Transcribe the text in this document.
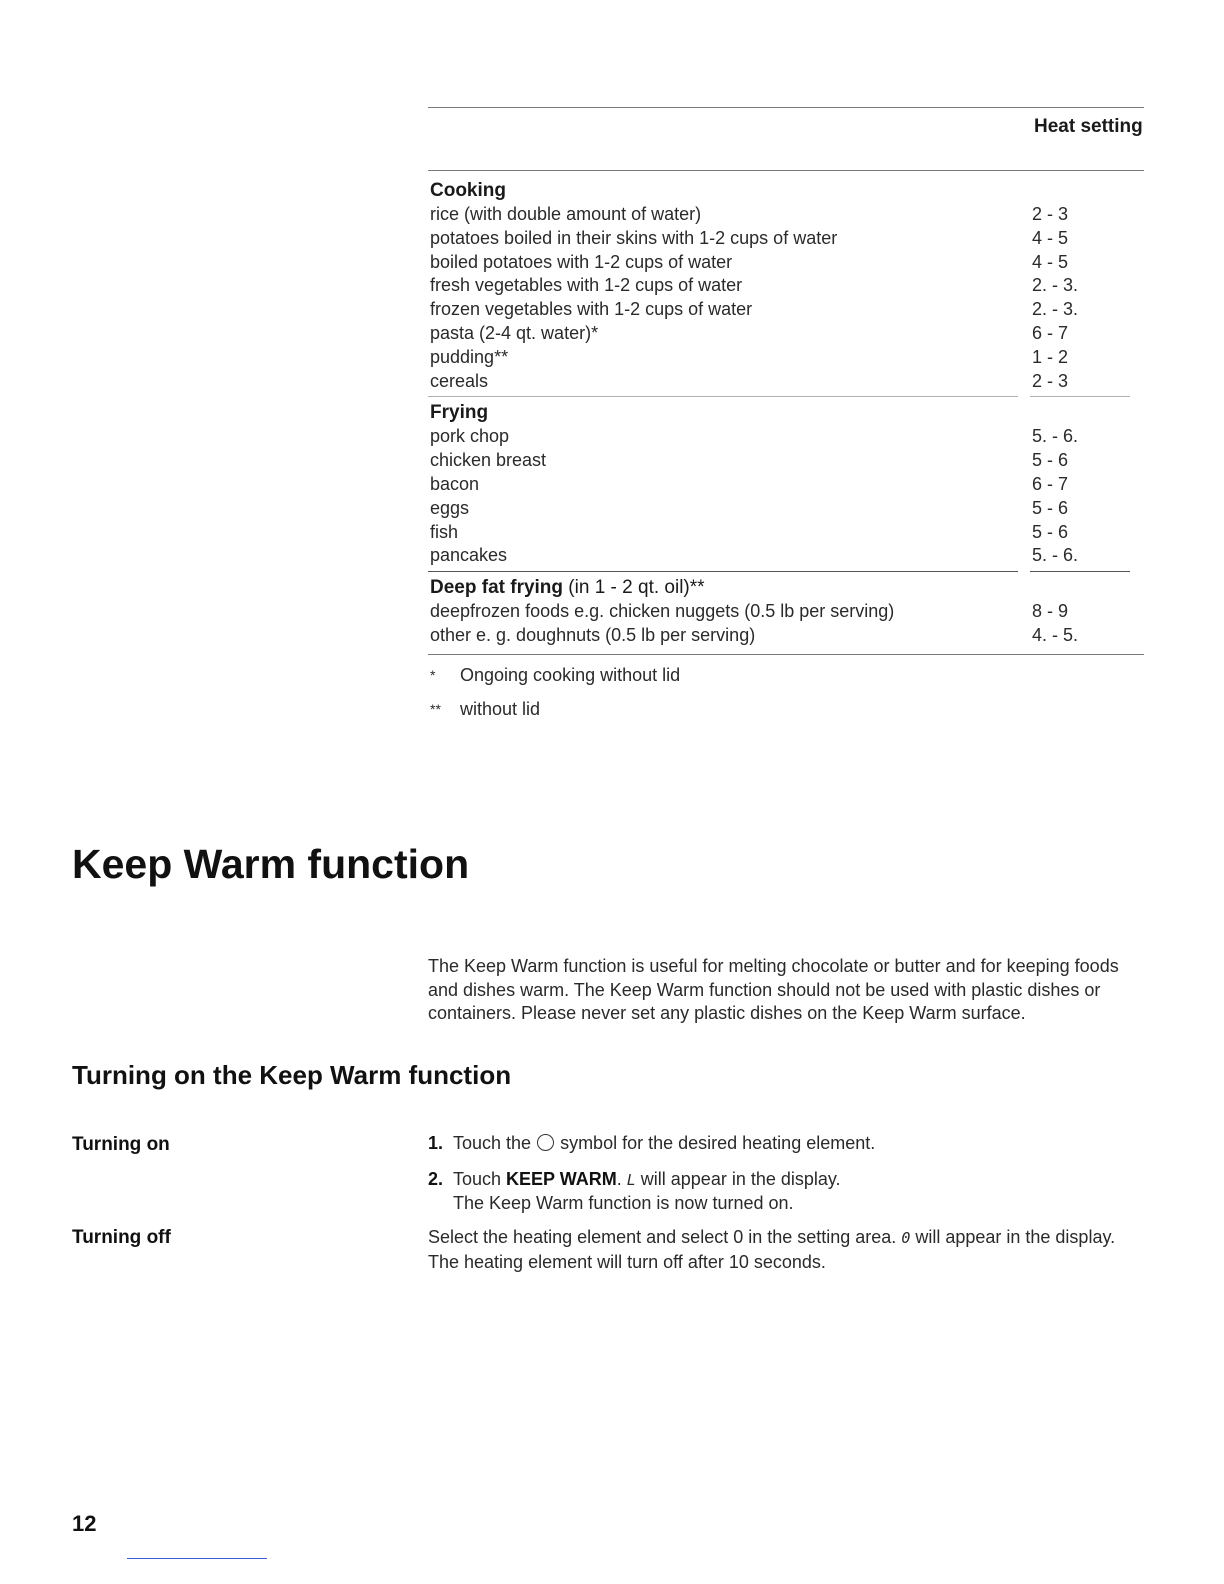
Heat setting
Cooking
rice (with double amount of water)	2 - 3
potatoes boiled in their skins with 1-2 cups of water	4 - 5
boiled potatoes with 1-2 cups of water	4 - 5
fresh vegetables with 1-2 cups of water	2. - 3.
frozen vegetables with 1-2 cups of water	2. - 3.
pasta (2-4 qt. water)*	6 - 7
pudding**	1 - 2
cereals	2 - 3
Frying
pork chop	5. - 6.
chicken breast	5 - 6
bacon	6 - 7
eggs	5 - 6
fish	5 - 6
pancakes	5. - 6.
Deep fat frying (in 1 - 2 qt. oil)**
deepfrozen foods e.g. chicken nuggets (0.5 lb per serving)	8 - 9
other e. g. doughnuts (0.5 lb per serving)	4. - 5.
*	Ongoing cooking without lid
**	without lid
Keep Warm function

The Keep Warm function is useful for melting chocolate or butter and for keeping foods and dishes warm. The Keep Warm function should not be used with plastic dishes or containers. Please never set any plastic dishes on the Keep Warm surface.

Turning on the Keep Warm function
Turning on	1. Touch the  symbol for the desired heating element.
2. Touch KEEP WARM. L will appear in the display.
The Keep Warm function is now turned on.
Turning off	Select the heating element and select 0 in the setting area. 0 will appear in the display. The heating element will turn off after 10 seconds.

12
